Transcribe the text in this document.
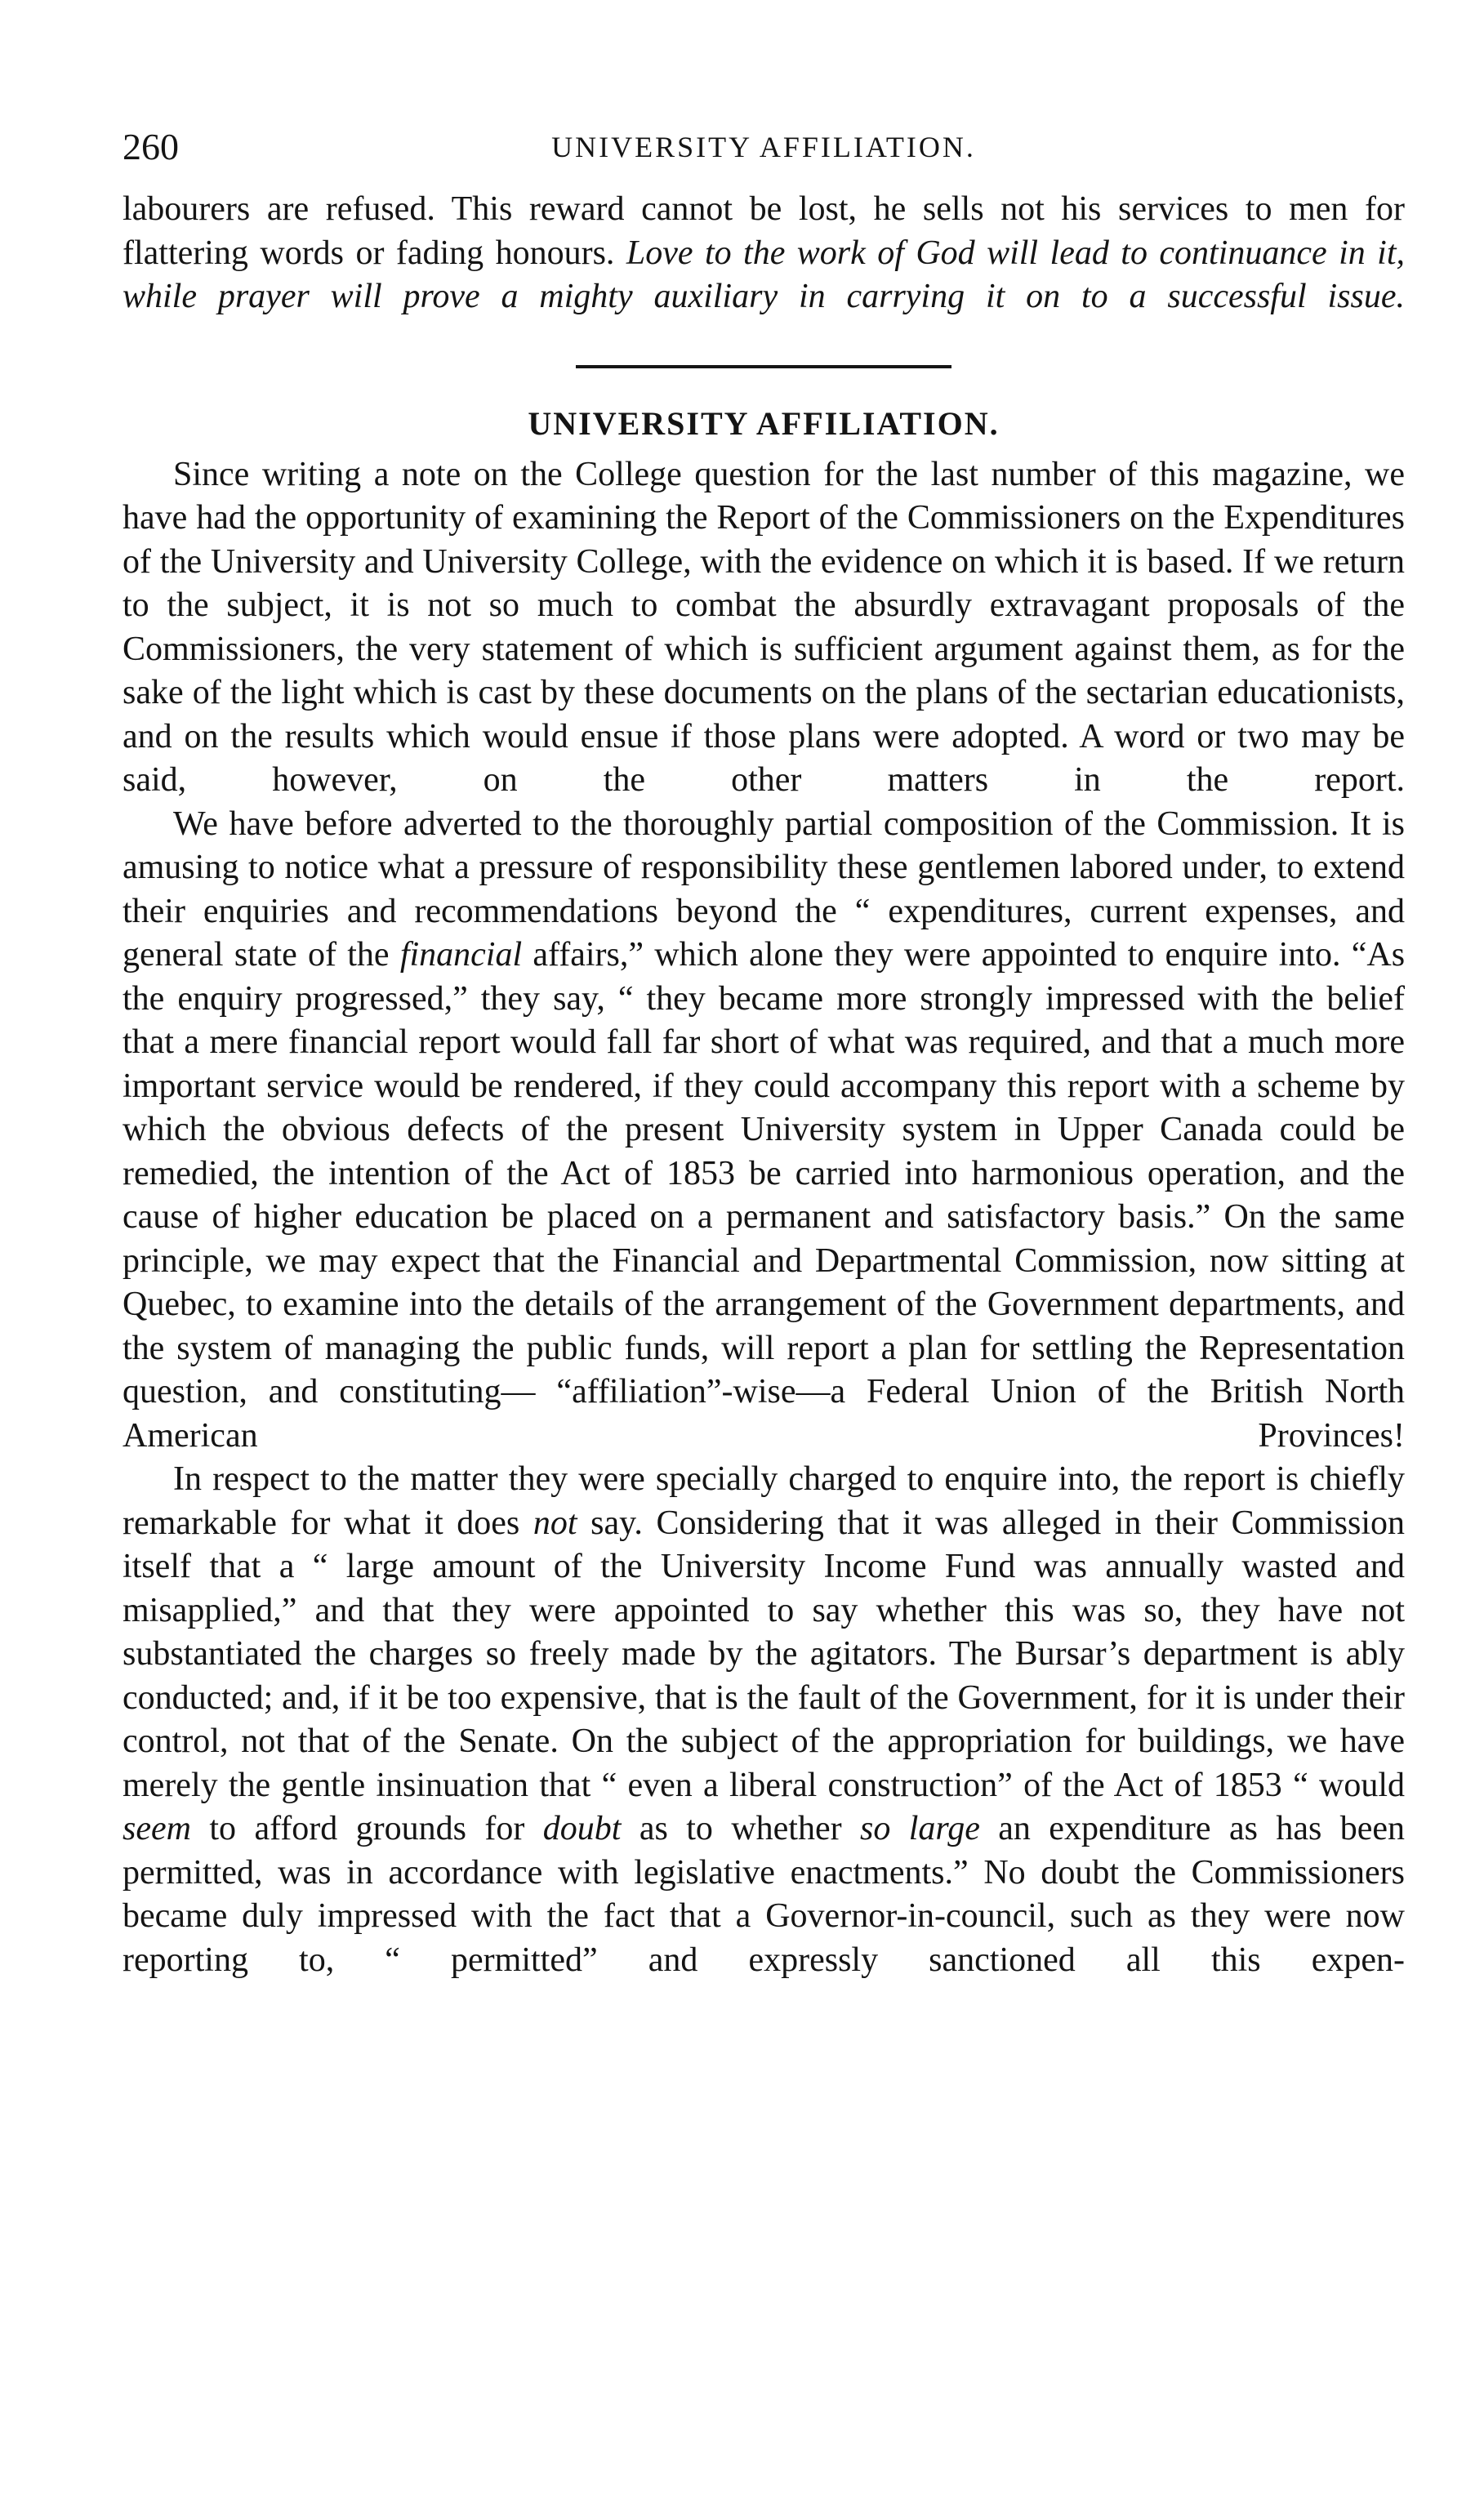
260	UNIVERSITY AFFILIATION.

labourers are refused. This reward cannot be lost, he sells not his services to men for flattering words or fading honours. Love to the work of God will lead to continuance in it, while prayer will prove a mighty auxiliary in carrying it on to a successful issue.

UNIVERSITY AFFILIATION.

Since writing a note on the College question for the last number of this magazine, we have had the opportunity of examining the Report of the Commissioners on the Expenditures of the University and University College, with the evidence on which it is based. If we return to the subject, it is not so much to combat the absurdly extravagant proposals of the Commissioners, the very statement of which is sufficient argument against them, as for the sake of the light which is cast by these documents on the plans of the sectarian educationists, and on the results which would ensue if those plans were adopted. A word or two may be said, however, on the other matters in the report.

We have before adverted to the thoroughly partial composition of the Commission. It is amusing to notice what a pressure of responsibility these gentlemen labored under, to extend their enquiries and recommendations beyond the “ expenditures, current expenses, and general state of the financial affairs,” which alone they were appointed to enquire into. “As the enquiry progressed,” they say, “ they became more strongly impressed with the belief that a mere financial report would fall far short of what was required, and that a much more important service would be rendered, if they could accompany this report with a scheme by which the obvious defects of the present University system in Upper Canada could be remedied, the intention of the Act of 1853 be carried into harmonious operation, and the cause of higher education be placed on a permanent and satisfactory basis.” On the same principle, we may expect that the Financial and Departmental Commission, now sitting at Quebec, to examine into the details of the arrangement of the Government departments, and the system of managing the public funds, will report a plan for settling the Representation question, and constituting— “affiliation”-wise—a Federal Union of the British North American Provinces!

In respect to the matter they were specially charged to enquire into, the report is chiefly remarkable for what it does not say. Considering that it was alleged in their Commission itself that a “ large amount of the University Income Fund was annually wasted and misapplied,” and that they were appointed to say whether this was so, they have not substantiated the charges so freely made by the agitators. The Bursar’s department is ably conducted; and, if it be too expensive, that is the fault of the Government, for it is under their control, not that of the Senate. On the subject of the appropriation for buildings, we have merely the gentle insinuation that “ even a liberal construction” of the Act of 1853 “ would seem to afford grounds for doubt as to whether so large an expenditure as has been permitted, was in accordance with legislative enactments.” No doubt the Commissioners became duly impressed with the fact that a Governor-in-council, such as they were now reporting to, “ permitted” and expressly sanctioned all this expen-
